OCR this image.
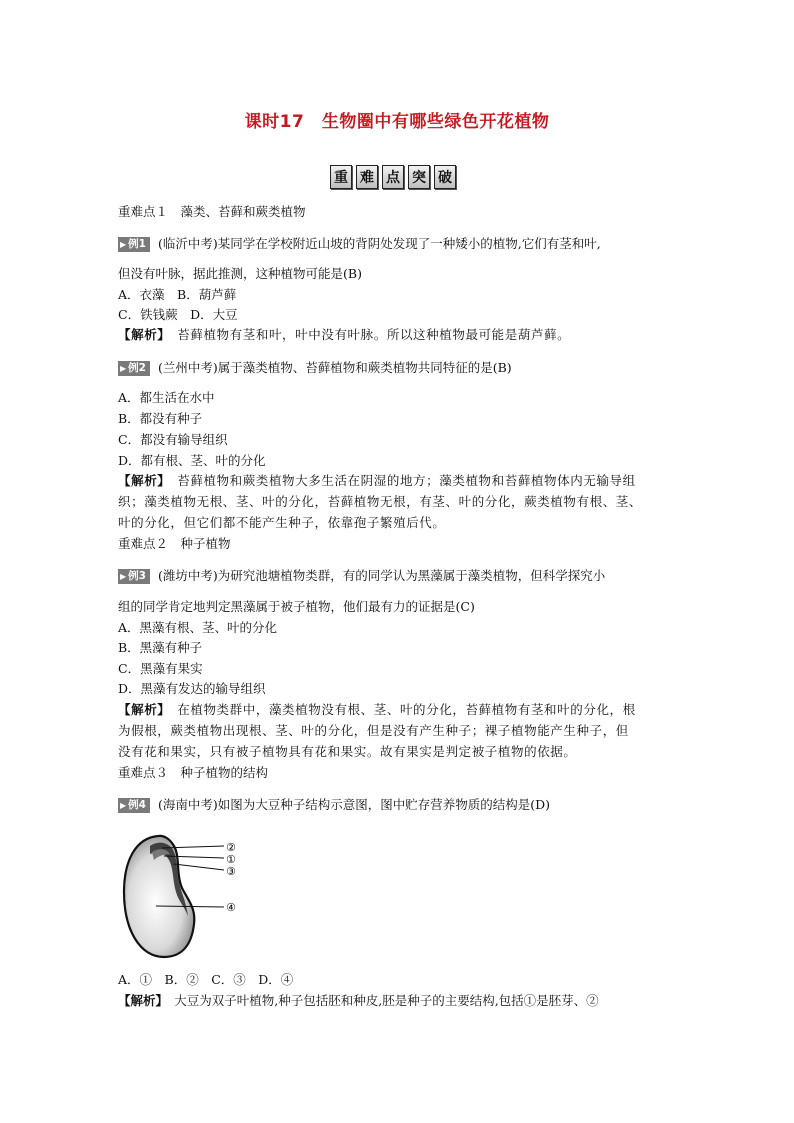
课时17　生物圈中有哪些绿色开花植物
重 难 点 突 破
重难点１　藻类、苔藓和蕨类植物
▶ 例1 (临沂中考)某同学在学校附近山坡的背阴处发现了一种矮小的植物,它们有茎和叶,
但没有叶脉，据此推测，这种植物可能是(B)
A．衣藻　B．葫芦藓
C．铁钱蕨　D．大豆
【解析】　苔藓植物有茎和叶，叶中没有叶脉。所以这种植物最可能是葫芦藓。
▶ 例2 (兰州中考)属于藻类植物、苔藓植物和蕨类植物共同特征的是(B)
A．都生活在水中
B．都没有种子
C．都没有输导组织
D．都有根、茎、叶的分化
【解析】　苔藓植物和蕨类植物大多生活在阴湿的地方；藻类植物和苔藓植物体内无输导组
织；藻类植物无根、茎、叶的分化，苔藓植物无根，有茎、叶的分化，蕨类植物有根、茎、
叶的分化，但它们都不能产生种子，依靠孢子繁殖后代。
重难点２　种子植物
▶ 例3 (潍坊中考)为研究池塘植物类群，有的同学认为黑藻属于藻类植物，但科学探究小
组的同学肯定地判定黑藻属于被子植物，他们最有力的证据是(C)
A．黑藻有根、茎、叶的分化
B．黑藻有种子
C．黑藻有果实
D．黑藻有发达的输导组织
【解析】　在植物类群中，藻类植物没有根、茎、叶的分化，苔藓植物有茎和叶的分化，根
为假根，蕨类植物出现根、茎、叶的分化，但是没有产生种子；裸子植物能产生种子，但
没有花和果实，只有被子植物具有花和果实。故有果实是判定被子植物的依据。
重难点３　种子植物的结构
▶ 例4 (海南中考)如图为大豆种子结构示意图，图中贮存营养物质的结构是(D)
②
①
③
④
A．①　B．②　C．③　D．④
【解析】　大豆为双子叶植物,种子包括胚和种皮,胚是种子的主要结构,包括①是胚芽、②
